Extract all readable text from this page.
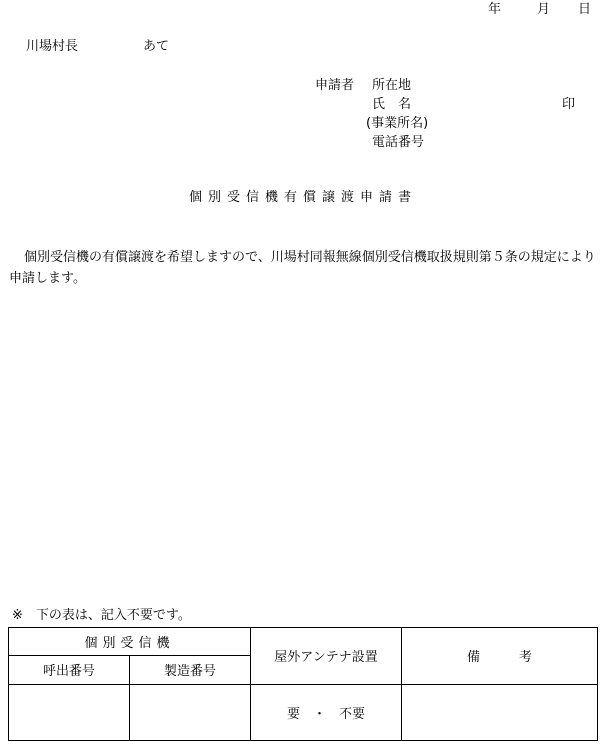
年	月 日
川場村長	あて
申請者 所在地
氏　名	印
(事業所名)
電話番号
個別受信機有償譲渡申請書
個別受信機の有償譲渡を希望しますので、川場村同報無線個別受信機取扱規則第５条の規定により申請します。
※　下の表は、記入不要です。
個別受信機		屋外アンテナ設置	備　　　考
呼出番号	製造番号		
		要　・　不要	
